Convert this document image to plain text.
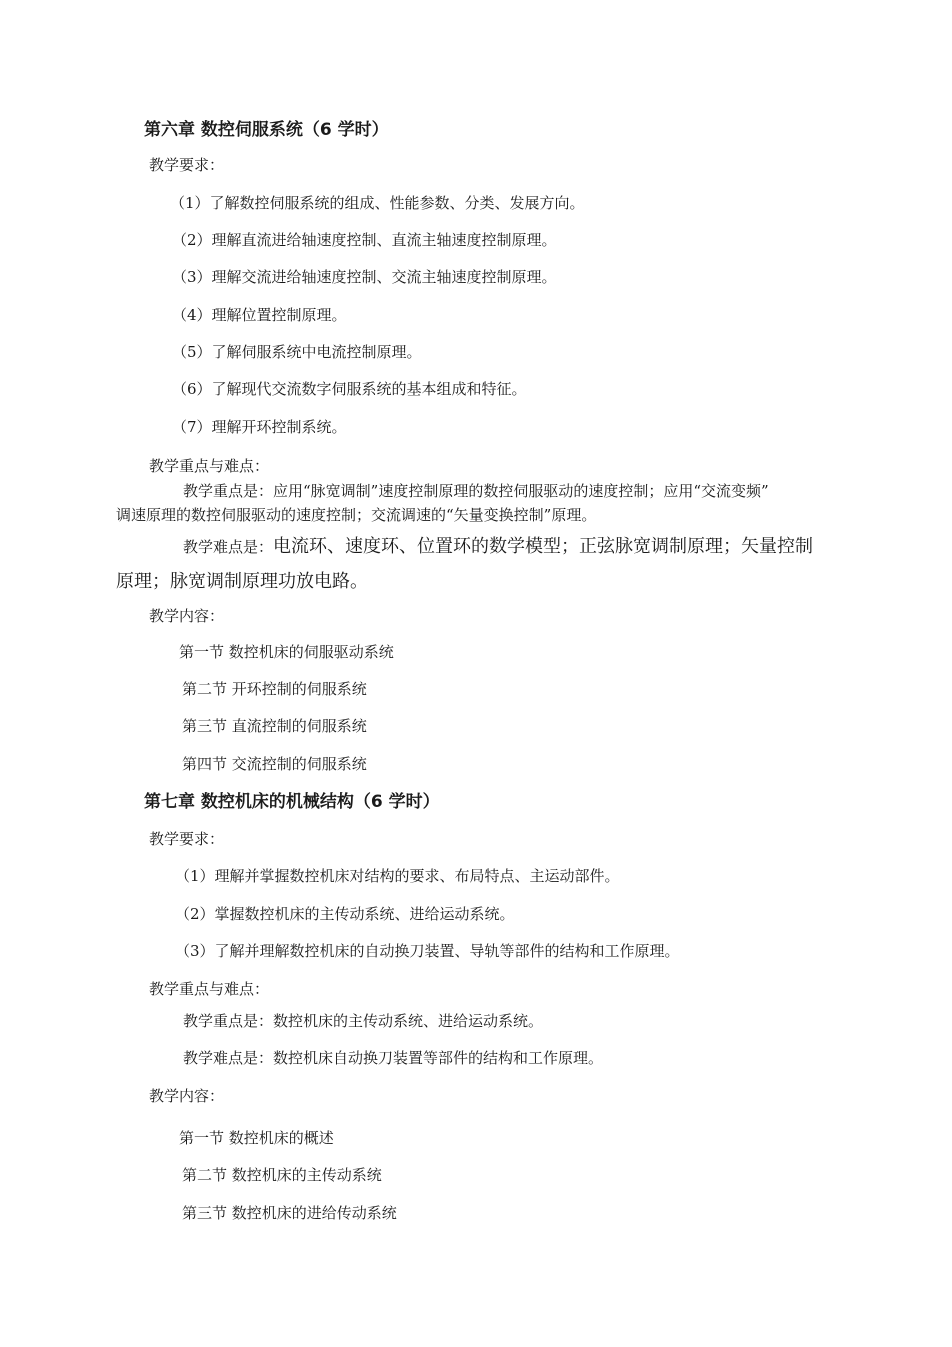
第六章 数控伺服系统（6 学时）
教学要求：
（1）了解数控伺服系统的组成、性能参数、分类、发展方向。
（2）理解直流进给轴速度控制、直流主轴速度控制原理。
（3）理解交流进给轴速度控制、交流主轴速度控制原理。
（4）理解位置控制原理。
（5）了解伺服系统中电流控制原理。
（6）了解现代交流数字伺服系统的基本组成和特征。
（7）理解开环控制系统。
教学重点与难点：
教学重点是：应用“脉宽调制”速度控制原理的数控伺服驱动的速度控制；应用“交流变频”
调速原理的数控伺服驱动的速度控制；交流调速的“矢量变换控制”原理。
教学难点是：电流环、速度环、位置环的数学模型；正弦脉宽调制原理；矢量控制
原理；脉宽调制原理功放电路。
教学内容：
第一节 数控机床的伺服驱动系统
第二节 开环控制的伺服系统
第三节 直流控制的伺服系统
第四节 交流控制的伺服系统
第七章 数控机床的机械结构（6 学时）
教学要求：
（1）理解并掌握数控机床对结构的要求、布局特点、主运动部件。
（2）掌握数控机床的主传动系统、进给运动系统。
（3）了解并理解数控机床的自动换刀装置、导轨等部件的结构和工作原理。
教学重点与难点：
教学重点是：数控机床的主传动系统、进给运动系统。
教学难点是：数控机床自动换刀装置等部件的结构和工作原理。
教学内容：
第一节 数控机床的概述
第二节 数控机床的主传动系统
第三节 数控机床的进给传动系统
